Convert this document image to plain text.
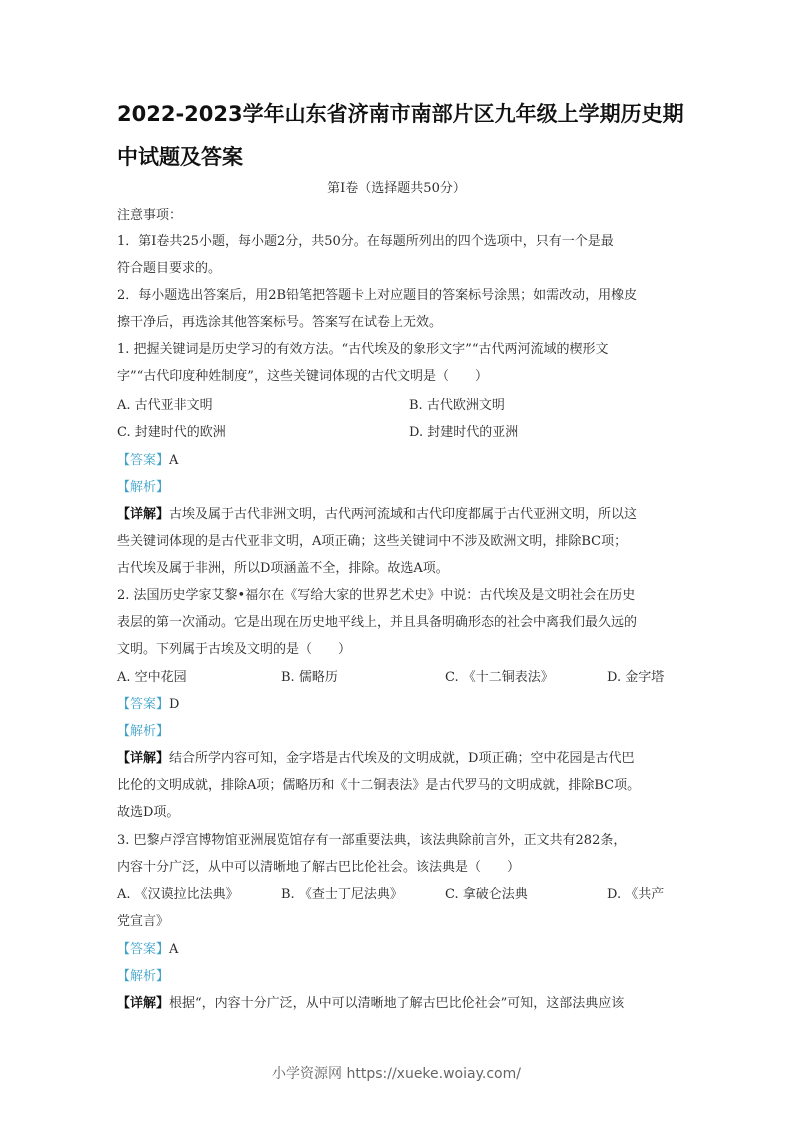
2022-2023学年山东省济南市南部片区九年级上学期历史期
中试题及答案
第Ⅰ卷（选择题共50分）
注意事项：
1．第Ⅰ卷共25小题，每小题2分，共50分。在每题所列出的四个选项中，只有一个是最
符合题目要求的。
2．每小题选出答案后，用2B铅笔把答题卡上对应题目的答案标号涂黑；如需改动，用橡皮
擦干净后，再选涂其他答案标号。答案写在试卷上无效。
1. 把握关键词是历史学习的有效方法。“古代埃及的象形文字”“古代两河流域的楔形文
字”“古代印度种姓制度”，这些关键词体现的古代文明是（　　）
A. 古代亚非文明	B. 古代欧洲文明
C. 封建时代的欧洲	D. 封建时代的亚洲
【答案】A
【解析】
【详解】古埃及属于古代非洲文明，古代两河流域和古代印度都属于古代亚洲文明，所以这
些关键词体现的是古代亚非文明，A项正确；这些关键词中不涉及欧洲文明，排除BC项；
古代埃及属于非洲，所以D项涵盖不全，排除。故选A项。
2. 法国历史学家艾黎•福尔在《写给大家的世界艺术史》中说：古代埃及是文明社会在历史
表层的第一次涌动。它是出现在历史地平线上，并且具备明确形态的社会中离我们最久远的
文明。下列属于古埃及文明的是（　　）
A. 空中花园	B. 儒略历	C. 《十二铜表法》	D. 金字塔
【答案】D
【解析】
【详解】结合所学内容可知，金字塔是古代埃及的文明成就，D项正确；空中花园是古代巴
比伦的文明成就，排除A项；儒略历和《十二铜表法》是古代罗马的文明成就，排除BC项。
故选D项。
3. 巴黎卢浮宫博物馆亚洲展览馆存有一部重要法典，该法典除前言外，正文共有282条，
内容十分广泛，从中可以清晰地了解古巴比伦社会。该法典是（　　）
A. 《汉谟拉比法典》	B. 《查士丁尼法典》	C. 拿破仑法典	D. 《共产
党宣言》
【答案】A
【解析】
【详解】根据“，内容十分广泛，从中可以清晰地了解古巴比伦社会”可知，这部法典应该
小学资源网 https://xueke.woiay.com/
